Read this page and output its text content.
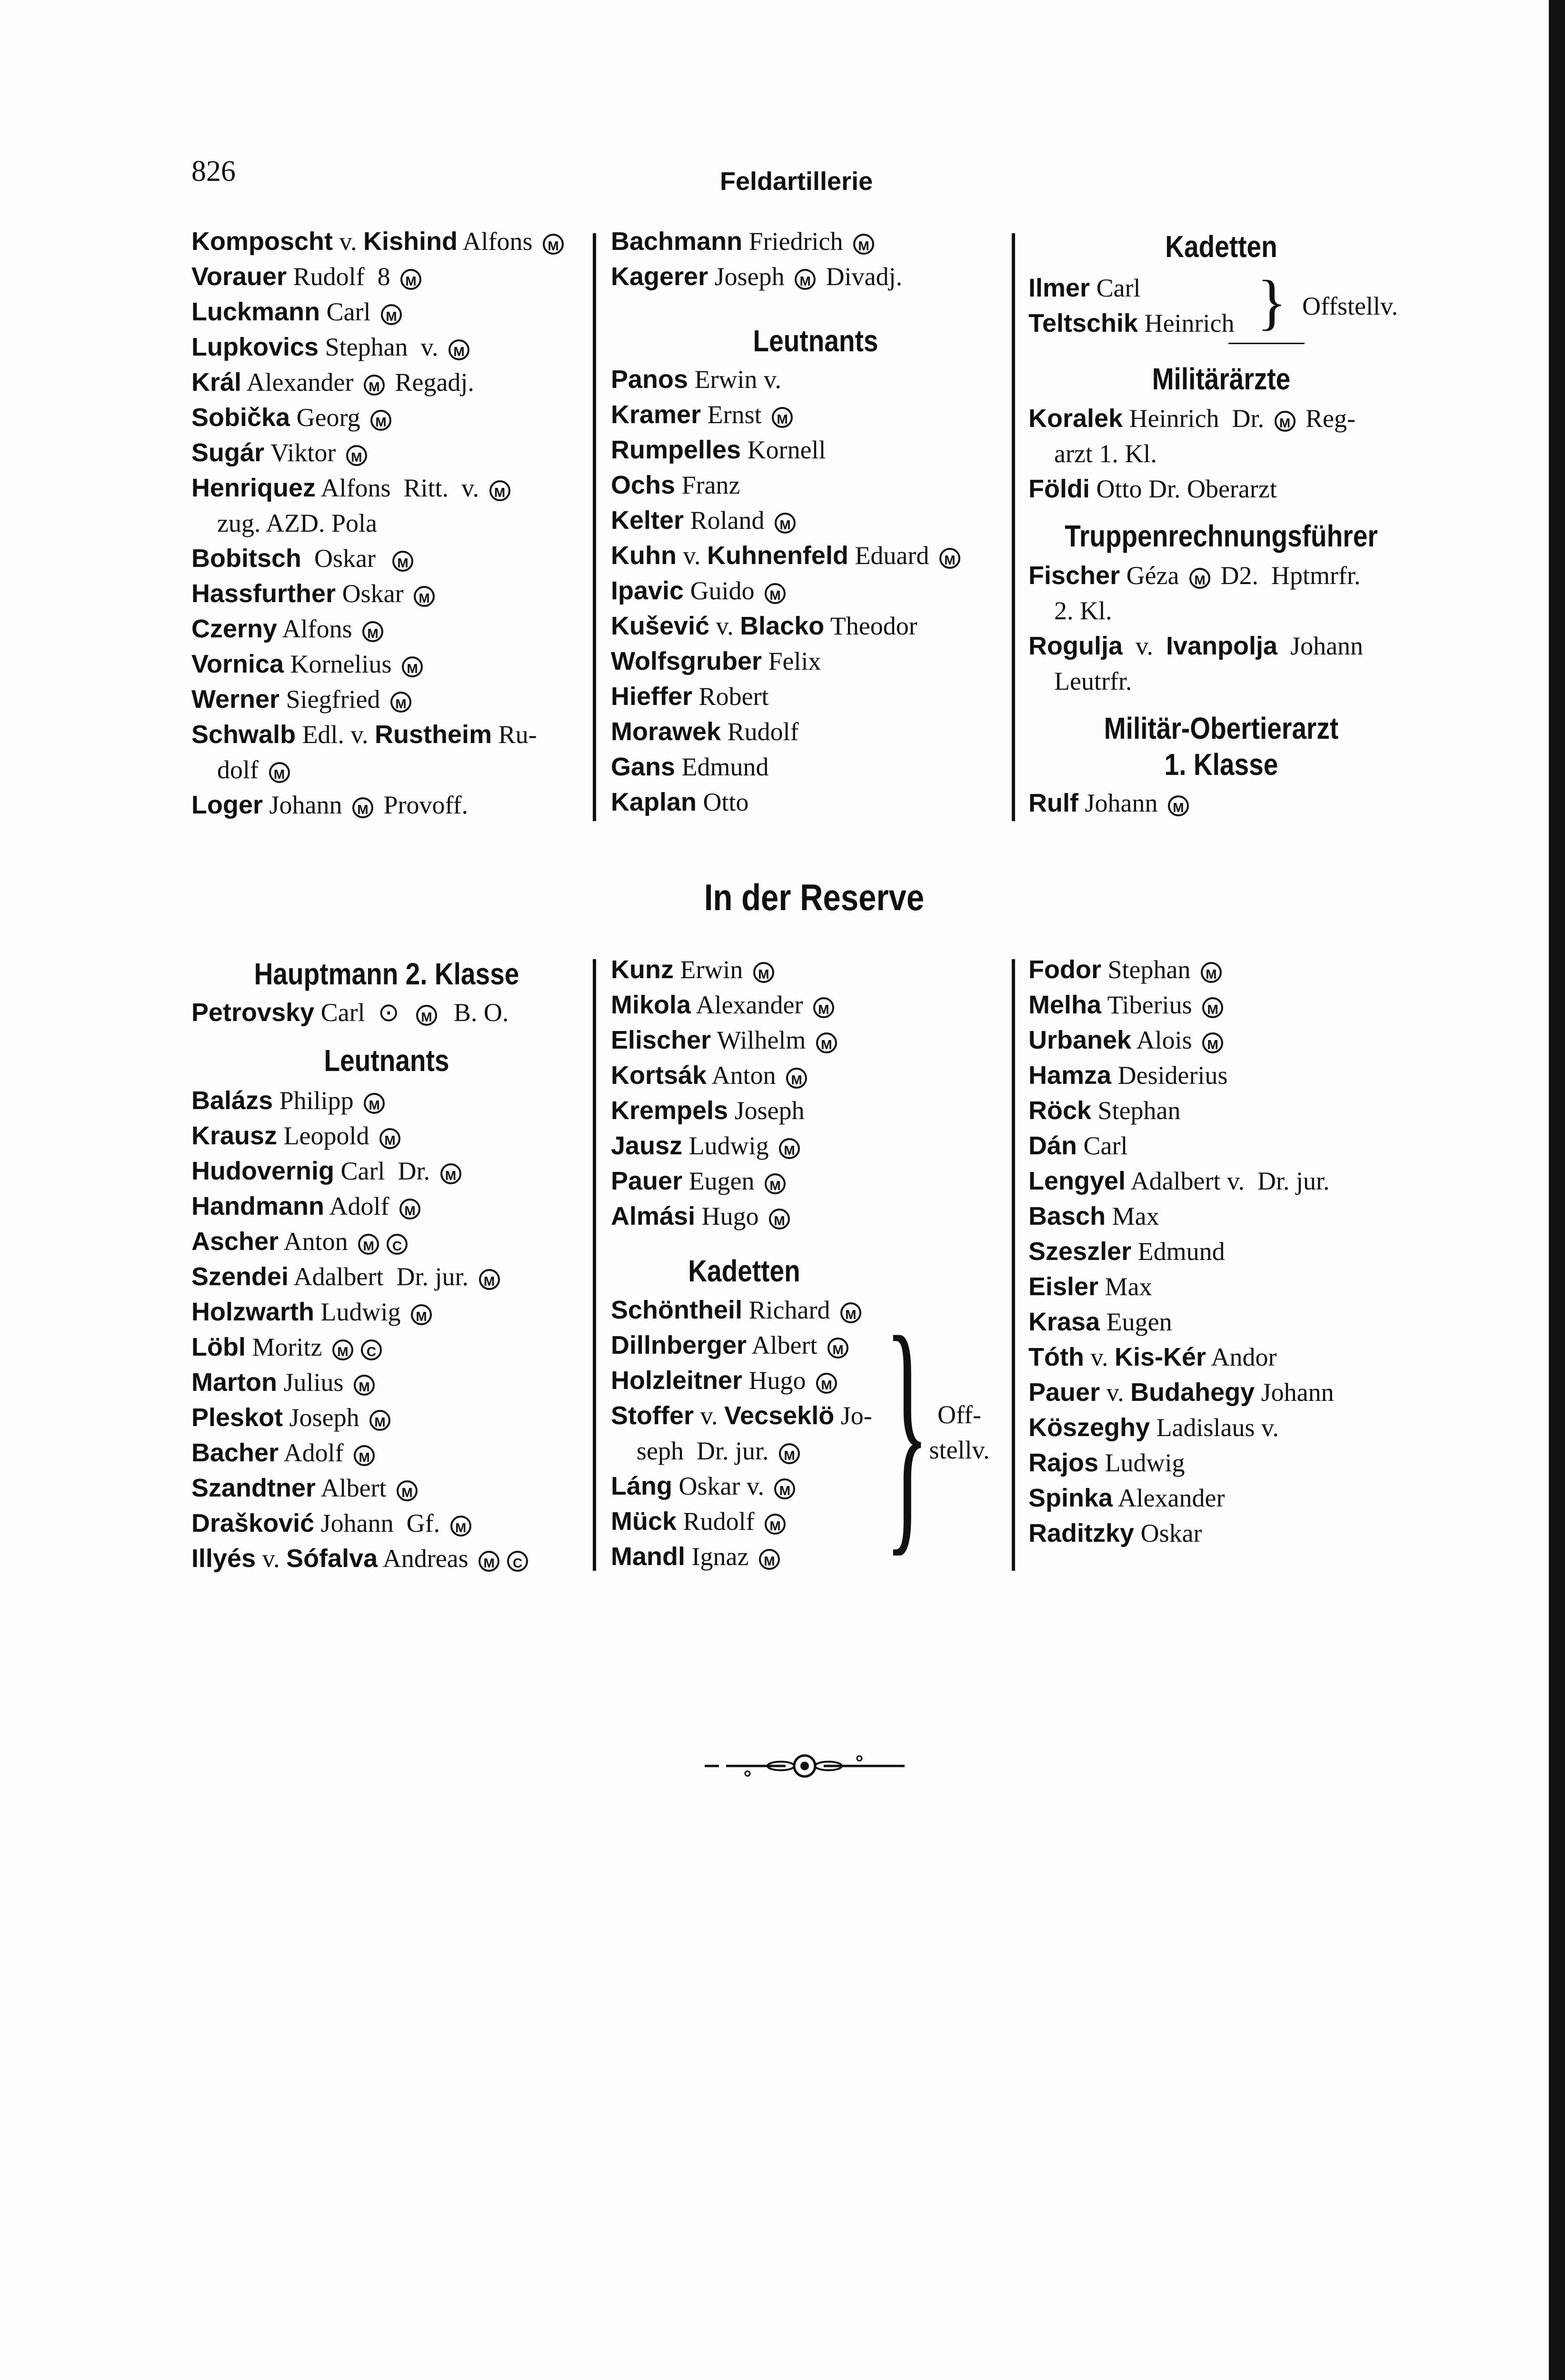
826	Feldartillerie
Komposcht v. Kishind Alfons M
Vorauer Rudolf  8 M
Luckmann Carl M
Lupkovics Stephan  v. M
Král Alexander M Regadj.
Sobička Georg M
Sugár Viktor M
Henriquez Alfons  Ritt.  v. M
zug. AZD. Pola
Bobitsch  Oskar  M
Hassfurther Oskar M
Czerny Alfons M
Vornica Kornelius M
Werner Siegfried M
Schwalb Edl. v. Rustheim Ru-
dolf M
Loger Johann M Provoff.
Bachmann Friedrich M
Kagerer Joseph M Divadj.
Leutnants
Panos Erwin v.
Kramer Ernst M
Rumpelles Kornell
Ochs Franz
Kelter Roland M
Kuhn v. Kuhnenfeld Eduard M
Ipavic Guido M
Kušević v. Blacko Theodor
Wolfsgruber Felix
Hieffer Robert
Morawek Rudolf
Gans Edmund
Kaplan Otto
Kadetten
Ilmer Carl
Teltschik Heinrich } Offstellv.
Militärärzte
Koralek Heinrich  Dr. M Reg-
arzt 1. Kl.
Földi Otto Dr. Oberarzt
Truppenrechnungsführer
Fischer Géza M D2.  Hptmrfr.
2. Kl.
Rogulja  v.  Ivanpolja  Johann
Leutrfr.
Militär-Obertierarzt
1. Klasse
Rulf Johann M
In der Reserve
Hauptmann 2. Klasse
Petrovsky Carl  ⊙  M  B. O.
Leutnants
Balázs Philipp M
Krausz Leopold M
Hudovernig Carl  Dr. M
Handmann Adolf M
Ascher Anton M C
Szendei Adalbert  Dr. jur. M
Holzwarth Ludwig M
Löbl Moritz M C
Marton Julius M
Pleskot Joseph M
Bacher Adolf M
Szandtner Albert M
Drašković Johann  Gf. M
Illyés v. Sófalva Andreas M C
Kunz Erwin M
Mikola Alexander M
Elischer Wilhelm M
Kortsák Anton M
Krempels Joseph
Jausz Ludwig M
Pauer Eugen M
Almási Hugo M
Kadetten
Schöntheil Richard M
Dillnberger Albert M
Holzleitner Hugo M
Stoffer v. Vecseklö Jo-
seph  Dr. jur. M
Láng Oskar v. M
Mück Rudolf M
Mandl Ignaz M } Off-
stellv.
Fodor Stephan M
Melha Tiberius M
Urbanek Alois M
Hamza Desiderius
Röck Stephan
Dán Carl
Lengyel Adalbert v.  Dr. jur.
Basch Max
Szeszler Edmund
Eisler Max
Krasa Eugen
Tóth v. Kis-Kér Andor
Pauer v. Budahegy Johann
Köszeghy Ladislaus v.
Rajos Ludwig
Spinka Alexander
Raditzky Oskar
